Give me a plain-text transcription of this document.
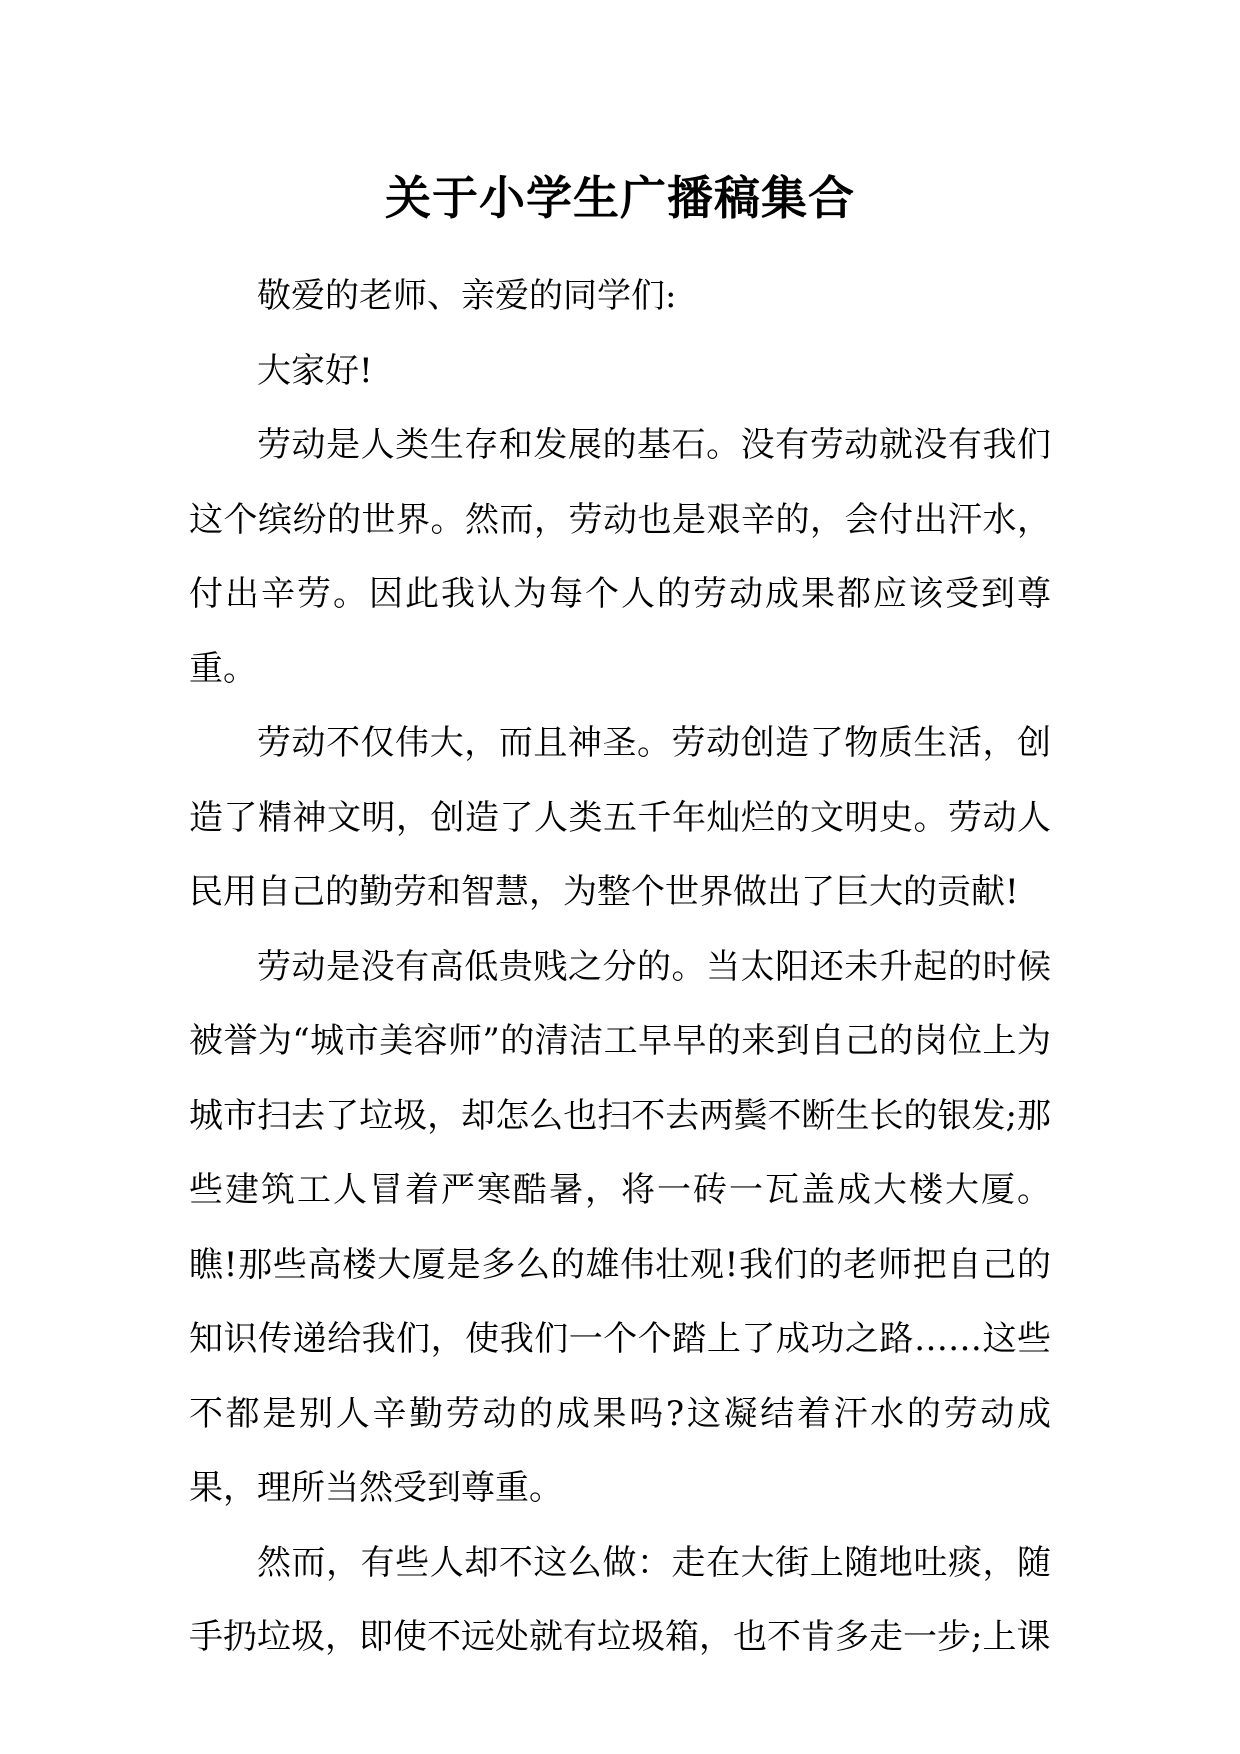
关于小学生广播稿集合

敬爱的老师、亲爱的同学们:

大家好!

劳动是人类生存和发展的基石。没有劳动就没有我们这个缤纷的世界。然而，劳动也是艰辛的，会付出汗水，付出辛劳。因此我认为每个人的劳动成果都应该受到尊重。

劳动不仅伟大，而且神圣。劳动创造了物质生活，创造了精神文明，创造了人类五千年灿烂的文明史。劳动人民用自己的勤劳和智慧，为整个世界做出了巨大的贡献!

劳动是没有高低贵贱之分的。当太阳还未升起的时候被誉为“城市美容师”的清洁工早早的来到自己的岗位上为城市扫去了垃圾，却怎么也扫不去两鬓不断生长的银发;那些建筑工人冒着严寒酷暑，将一砖一瓦盖成大楼大厦。瞧!那些高楼大厦是多么的雄伟壮观!我们的老师把自己的知识传递给我们，使我们一个个踏上了成功之路……这些不都是别人辛勤劳动的成果吗?这凝结着汗水的劳动成果，理所当然受到尊重。

然而，有些人却不这么做：走在大街上随地吐痰，随手扔垃圾，即使不远处就有垃圾箱，也不肯多走一步;上课
